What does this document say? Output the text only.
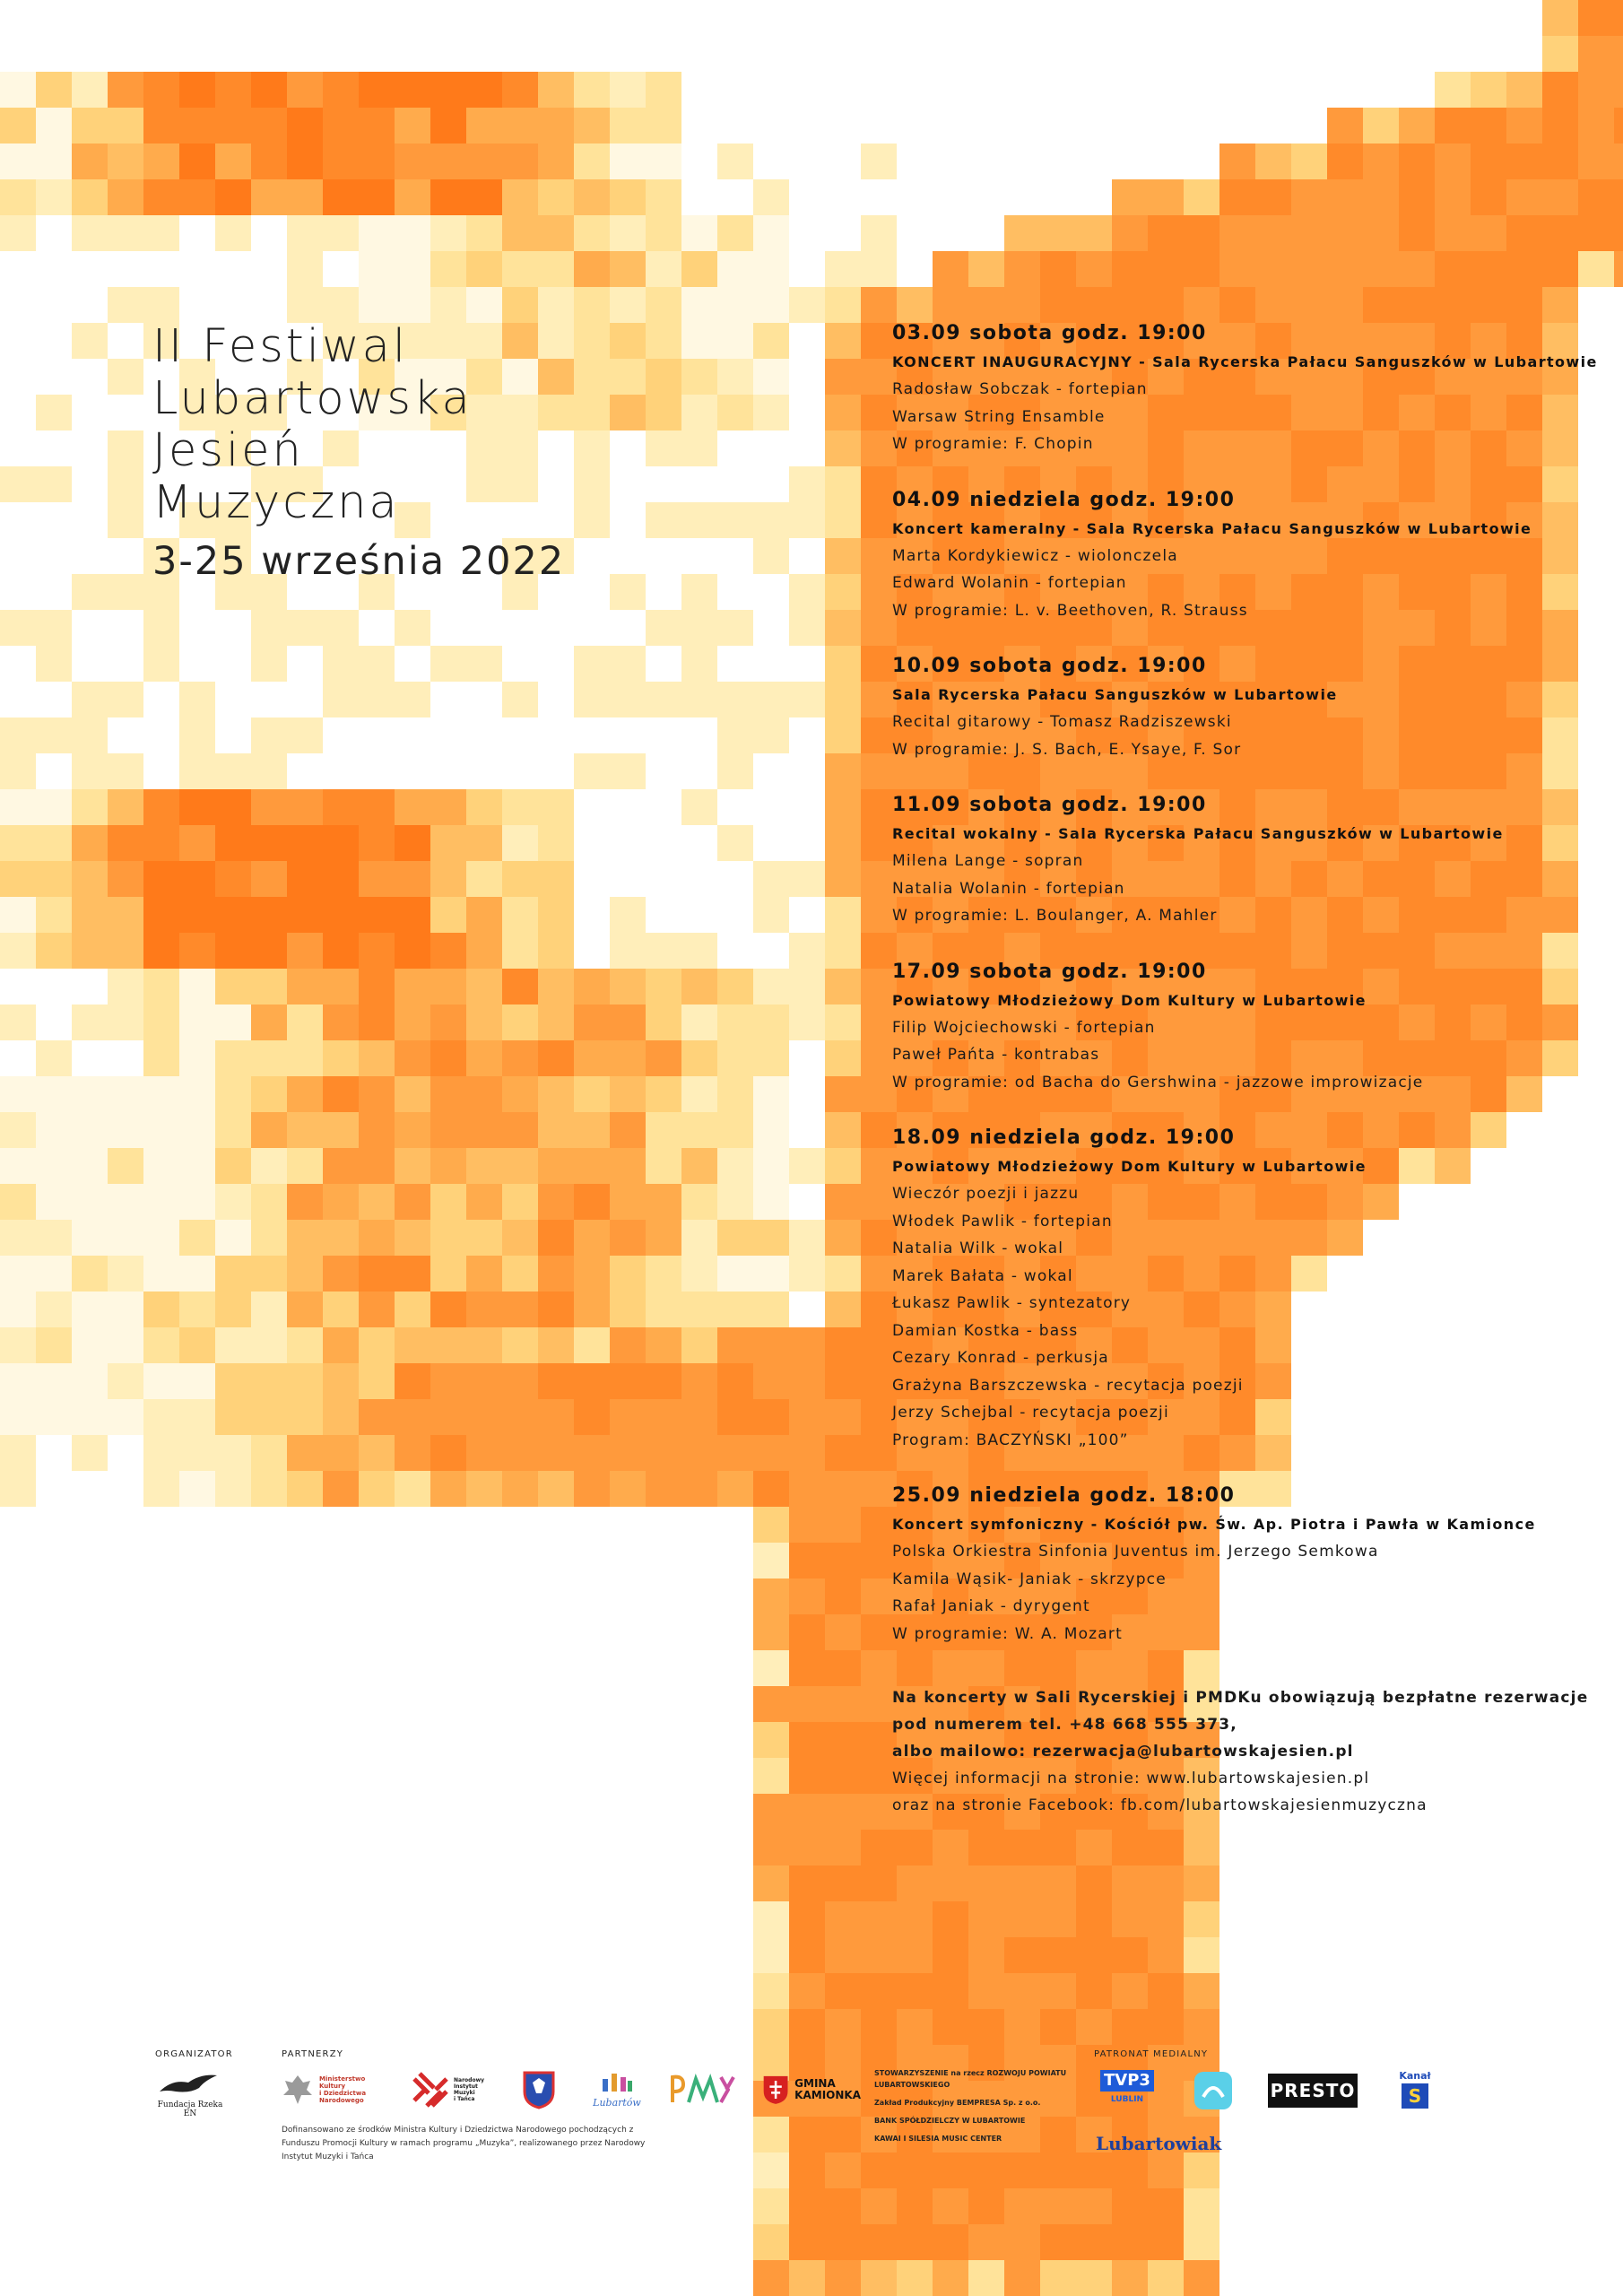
II Festiwal
Lubartowska
Jesień
Muzyczna
3-25 września 2022
03.09 sobota godz. 19:00
KONCERT INAUGURACYJNY - Sala Rycerska Pałacu Sanguszków w Lubartowie
Radosław Sobczak - fortepian
Warsaw String Ensamble
W programie: F. Chopin
04.09 niedziela godz. 19:00
Koncert kameralny - Sala Rycerska Pałacu Sanguszków w Lubartowie
Marta Kordykiewicz - wiolonczela
Edward Wolanin - fortepian
W programie: L. v. Beethoven, R. Strauss
10.09 sobota godz. 19:00
Sala Rycerska Pałacu Sanguszków w Lubartowie
Recital gitarowy - Tomasz Radziszewski
W programie: J. S. Bach, E. Ysaye, F. Sor
11.09 sobota godz. 19:00
Recital wokalny - Sala Rycerska Pałacu Sanguszków w Lubartowie
Milena Lange - sopran
Natalia Wolanin - fortepian
W programie: L. Boulanger, A. Mahler
17.09 sobota godz. 19:00
Powiatowy Młodzieżowy Dom Kultury w Lubartowie
Filip Wojciechowski - fortepian
Paweł Pańta - kontrabas
W programie: od Bacha do Gershwina - jazzowe improwizacje
18.09 niedziela godz. 19:00
Powiatowy Młodzieżowy Dom Kultury w Lubartowie
Wieczór poezji i jazzu
Włodek Pawlik - fortepian
Natalia Wilk - wokal
Marek Bałata - wokal
Łukasz Pawlik - syntezatory
Damian Kostka - bass
Cezary Konrad - perkusja
Grażyna Barszczewska - recytacja poezji
Jerzy Schejbal - recytacja poezji
Program: BACZYŃSKI „100”
25.09 niedziela godz. 18:00
Koncert symfoniczny - Kościół pw. Św. Ap. Piotra i Pawła w Kamionce
Polska Orkiestra Sinfonia Juventus im. Jerzego Semkowa
Kamila Wąsik- Janiak - skrzypce
Rafał Janiak - dyrygent
W programie: W. A. Mozart
Na koncerty w Sali Rycerskiej i PMDKu obowiązują bezpłatne rezerwacje
pod numerem tel. +48 668 555 373,
albo mailowo: rezerwacja@lubartowskajesien.pl
Więcej informacji na stronie: www.lubartowskajesien.pl
oraz na stronie Facebook: fb.com/lubartowskajesienmuzyczna
ORGANIZATOR	PARTNERZY	PATRONAT MEDIALNY
Fundacja Rzeka EN
Ministerstwo
Kultury
i Dziedzictwa
Narodowego
Narodowy
Instytut
Muzyki
i Tańca	Lubartów
GMINA
KAMIONKA
Dofinansowano ze środków Ministra Kultury i Dziedzictwa Narodowego pochodzących z Funduszu Promocji Kultury w ramach programu „Muzyka”, realizowanego przez Narodowy Instytut Muzyki i Tańca
STOWARZYSZENIE na rzecz ROZWOJU POWIATU LUBARTOWSKIEGO
Zakład Produkcyjny BEMPRESA Sp. z o.o.
BANK SPÓŁDZIELCZY W LUBARTOWIE
KAWAI I SILESIA MUSIC CENTER
TVP3
LUBLIN	PRESTO
Kanał
S
Lubartowiak
